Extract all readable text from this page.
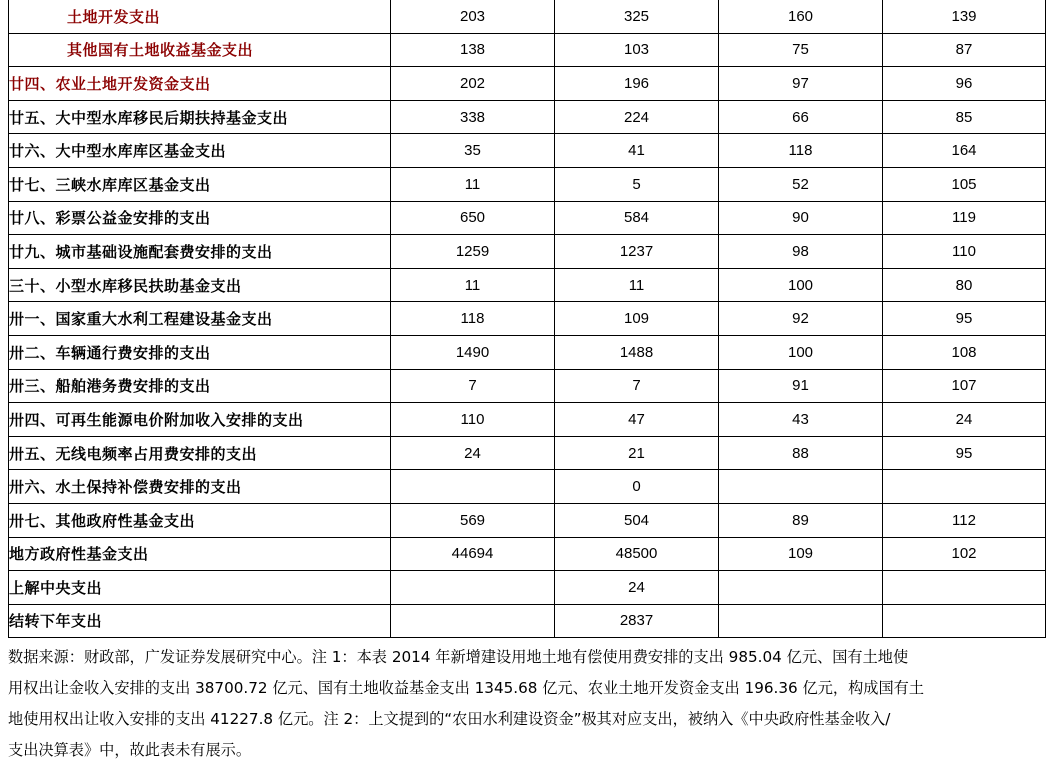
土地开发支出	203	325	160	139
其他国有土地收益基金支出	138	103	75	87
廿四、农业土地开发资金支出	202	196	97	96
廿五、大中型水库移民后期扶持基金支出	338	224	66	85
廿六、大中型水库库区基金支出	35	41	118	164
廿七、三峡水库库区基金支出	11	5	52	105
廿八、彩票公益金安排的支出	650	584	90	119
廿九、城市基础设施配套费安排的支出	1259	1237	98	110
三十、小型水库移民扶助基金支出	11	11	100	80
卅一、国家重大水利工程建设基金支出	118	109	92	95
卅二、车辆通行费安排的支出	1490	1488	100	108
卅三、船舶港务费安排的支出	7	7	91	107
卅四、可再生能源电价附加收入安排的支出	110	47	43	24
卅五、无线电频率占用费安排的支出	24	21	88	95
卅六、水土保持补偿费安排的支出		0		
卅七、其他政府性基金支出	569	504	89	112
地方政府性基金支出	44694	48500	109	102
上解中央支出		24		
结转下年支出		2837		
数据来源：财政部，广发证券发展研究中心。注 1：本表 2014 年新增建设用地土地有偿使用费安排的支出 985.04 亿元、国有土地使
用权出让金收入安排的支出 38700.72 亿元、国有土地收益基金支出 1345.68 亿元、农业土地开发资金支出 196.36 亿元，构成国有土
地使用权出让收入安排的支出 41227.8 亿元。注 2：上文提到的“农田水利建设资金”极其对应支出，被纳入《中央政府性基金收入/
支出决算表》中，故此表未有展示。
